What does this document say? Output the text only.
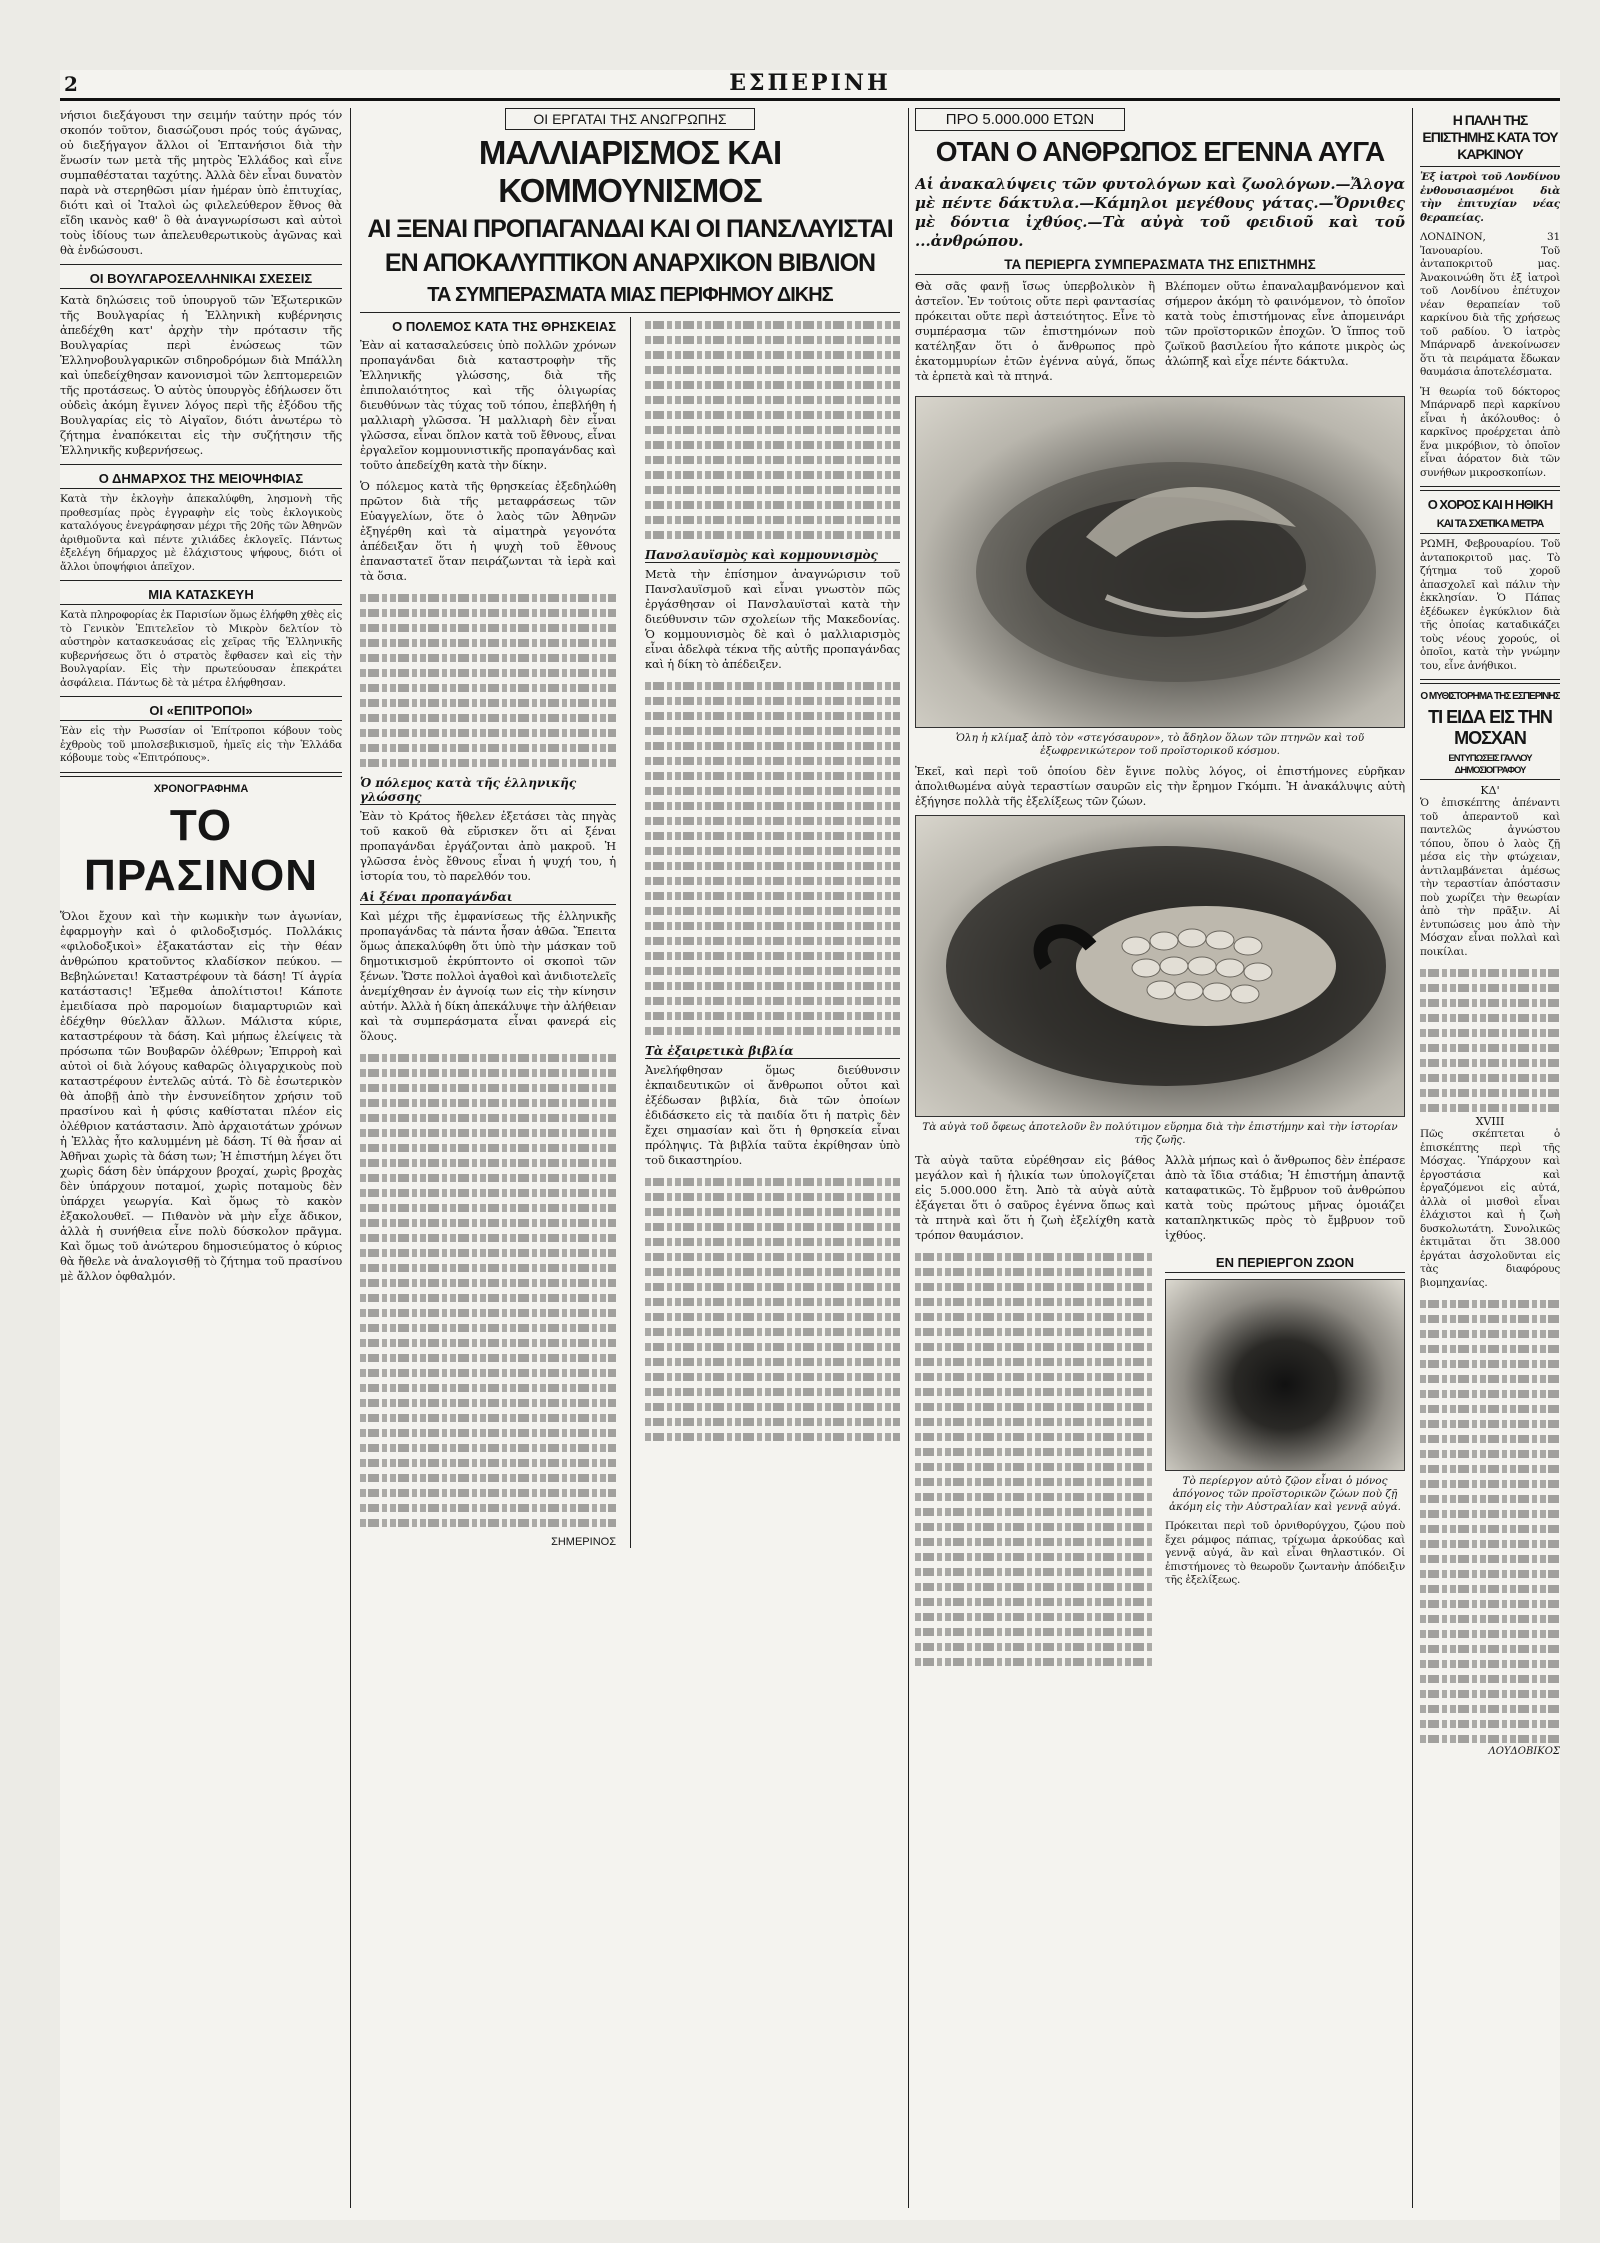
2	ΕΣΠΕΡΙΝΗ

νήσιοι διεξάγουσι την σειμήν ταύτην πρός τόν σκοπόν τοῦτον, διασώζουσι πρός τούς άγῶνας, οὐ διεξήγαγον ἄλλοι οἱ Ἑπτανήσιοι διὰ τὴν ἕνωσίν των μετὰ τῆς μητρὸς Ἑλλάδος καὶ εἶνε συμπαθέσταται ταχύτης. Ἀλλὰ δὲν εἶναι δυνατὸν παρὰ νὰ στερηθῶσι μίαν ἡμέραν ὑπὸ ἐπιτυχίας, διότι καὶ οἱ Ἰταλοὶ ὡς φιλελεύθερον ἔθνος θὰ εἴδη ικανὸς καθ' ὃ θὰ ἀναγνωρίσωσι καὶ αὐτοὶ τοὺς ἰδίους των ἀπελευθερωτικοὺς ἀγῶνας καὶ θὰ ἐνδώσουσι.

ΟΙ ΒΟΥΛΓΑΡΟΣΕΛΛΗΝΙΚΑΙ ΣΧΕΣΕΙΣ

Κατὰ δηλώσεις τοῦ ὑπουργοῦ τῶν Ἐξωτερικῶν τῆς Βουλγαρίας ἡ Ἑλληνικὴ κυβέρνησις ἀπεδέχθη κατ' ἀρχὴν τὴν πρότασιν τῆς Βουλγαρίας περὶ ἐνώσεως τῶν Ἑλληνοβουλγαρικῶν σιδηροδρόμων διὰ Μπάλλη καὶ ὑπεδείχθησαν κανονισμοὶ τῶν λεπτομερειῶν τῆς προτάσεως. Ὁ αὐτὸς ὑπουργὸς ἐδήλωσεν ὅτι οὐδεὶς ἀκόμη ἔγινεν λόγος περὶ τῆς ἐξόδου τῆς Βουλγαρίας εἰς τὸ Αἰγαῖον, διότι ἀνωτέρω τὸ ζήτημα ἐναπόκειται εἰς τὴν συζήτησιν τῆς Ἑλληνικῆς κυβερνήσεως.

Ο ΔΗΜΑΡΧΟΣ ΤΗΣ ΜΕΙΟΨΗΦΙΑΣ

Κατὰ τὴν ἐκλογὴν ἀπεκαλύφθη, λησμονὴ τῆς προθεσμίας πρὸς ἐγγραφὴν εἰς τοὺς ἐκλογικοὺς καταλόγους ἐνεγράφησαν μέχρι τῆς 20ῆς τῶν Ἀθηνῶν ἀριθμοῦντα καὶ πέντε χιλιάδες ἐκλογεῖς. Πάντως ἐξελέγη δήμαρχος μὲ ἐλάχιστους ψήφους, διότι οἱ ἄλλοι ὑποψήφιοι ἀπεῖχον.

ΜΙΑ ΚΑΤΑΣΚΕΥΗ

Κατὰ πληροφορίας ἐκ Παρισίων ὅμως ἐλήφθη χθὲς εἰς τὸ Γενικὸν Ἐπιτελεῖον τὸ Μικρὸν δελτίον τὸ αὐστηρὸν κατασκευάσας εἰς χεῖρας τῆς Ἑλληνικῆς κυβερνήσεως ὅτι ὁ στρατὸς ἔφθασεν καὶ εἰς τὴν Βουλγαρίαν. Εἰς τὴν πρωτεύουσαν ἐπεκράτει ἀσφάλεια. Πάντως δὲ τὰ μέτρα ἐλήφθησαν.

ΟΙ «ΕΠΙΤΡΟΠΟΙ»

Ἐὰν εἰς τὴν Ρωσσίαν οἱ Ἐπίτροποι κόβουν τοὺς ἐχθροὺς τοῦ μπολσεβικισμοῦ, ἡμεῖς εἰς τὴν Ἑλλάδα κόβουμε τοὺς «Ἐπιτρόπους».

ΧΡΟΝΟΓΡΑΦΗΜΑ
ΤΟ ΠΡΑΣΙΝΟΝ

Ὅλοι ἔχουν καὶ τὴν κωμικὴν των ἀγωνίαν, ἐφαρμογὴν καὶ ὁ φιλοδοξισμός. Πολλάκις «φιλοδοξικοὶ» ἐξακατάσταν εἰς τὴν θέαν ἀνθρώπου κρατοῦντος κλαδίσκον πεύκου. — Βεβηλώνεται! Καταστρέφουν τὰ δάση! Τί ἀγρία κατάστασις! Ἐξμεθα ἀπολίτιστοι! Κάποτε ἐμειδίασα πρὸ παρομοίων διαμαρτυριῶν καὶ ἐδέχθην θύελλαν ἄλλων. Μάλιστα κύριε, καταστρέφουν τὰ δάση. Καὶ μήπως ἐλείψεις τὰ πρόσωπα τῶν Βουβαρῶν ὀλέθρων; Ἐπιρροὴ καὶ αὐτοὶ οἱ διὰ λόγους καθαρῶς ὀλιγαρχικοὺς ποὺ καταστρέφουν ἐντελῶς αὐτά. Τὸ δὲ ἐσωτερικὸν θὰ ἀποβῇ ἀπὸ τὴν ἐνσυνείδητον χρήσιν τοῦ πρασίνου καὶ ἡ φύσις καθίσταται πλέον εἰς ὀλέθριον κατάστασιν. Ἀπὸ ἀρχαιοτάτων χρόνων ἡ Ἑλλὰς ἦτο καλυμμένη μὲ δάση. Τί θὰ ἦσαν αἱ Ἀθῆναι χωρὶς τὰ δάση των; Ἡ ἐπιστήμη λέγει ὅτι χωρὶς δάση δὲν ὑπάρχουν βροχαί, χωρὶς βροχὰς δὲν ὑπάρχουν ποταμοί, χωρὶς ποταμοὺς δὲν ὑπάρχει γεωργία. Καὶ ὅμως τὸ κακὸν ἐξακολουθεῖ. — Πιθανὸν νὰ μὴν εἶχε ἄδικον, ἀλλὰ ἡ συνήθεια εἶνε πολὺ δύσκολον πρᾶγμα. Καὶ ὅμως τοῦ ἀνώτερου δημοσιεύματος ὁ κύριος θὰ ἤθελε νὰ ἀναλογισθῇ τὸ ζήτημα τοῦ πρασίνου μὲ ἄλλον ὀφθαλμόν.

ΟΙ ΕΡΓΑΤΑΙ ΤΗΣ ΑΝΩΓΡΩΠΗΣ
ΜΑΛΛΙΑΡΙΣΜΟΣ ΚΑΙ ΚΟΜΜΟΥΝΙΣΜΟΣ
ΑΙ ΞΕΝΑΙ ΠΡΟΠΑΓΑΝΔΑΙ ΚΑΙ ΟΙ ΠΑΝΣΛΑΥΙΣΤΑΙ
ΕΝ ΑΠΟΚΑΛΥΠΤΙΚΟΝ ΑΝΑΡΧΙΚΟΝ ΒΙΒΛΙΟΝ
ΤΑ ΣΥΜΠΕΡΑΣΜΑΤΑ ΜΙΑΣ ΠΕΡΙΦΗΜΟΥ ΔΙΚΗΣ
Ο ΠΟΛΕΜΟΣ ΚΑΤΑ ΤΗΣ ΘΡΗΣΚΕΙΑΣ

Ἐὰν αἱ κατασαλεύσεις ὑπὸ πολλῶν χρόνων προπαγάνδαι διὰ καταστροφὴν τῆς Ἑλληνικῆς γλώσσης, διὰ τῆς ἐπιπολαιότητος καὶ τῆς ὁλιγωρίας διευθύνων τὰς τύχας τοῦ τόπου, ἐπεβλήθη ἡ μαλλιαρὴ γλῶσσα. Ἡ μαλλιαρὴ δὲν εἶναι γλῶσσα, εἶναι ὅπλον κατὰ τοῦ ἔθνους, εἶναι ἐργαλεῖον κομμουνιστικῆς προπαγάνδας καὶ τοῦτο ἀπεδείχθη κατὰ τὴν δίκην.

Ὁ πόλεμος κατὰ τῆς θρησκείας ἐξεδηλώθη πρῶτον διὰ τῆς μεταφράσεως τῶν Εὐαγγελίων, ὅτε ὁ λαὸς τῶν Ἀθηνῶν ἐξηγέρθη καὶ τὰ αἱματηρὰ γεγονότα ἀπέδειξαν ὅτι ἡ ψυχὴ τοῦ ἔθνους ἐπαναστατεῖ ὅταν πειράζωνται τὰ ἱερὰ καὶ τὰ ὅσια.

Ὁ πόλεμος κατὰ τῆς ἑλληνικῆς γλώσσης

Ἐὰν τὸ Κράτος ἤθελεν ἐξετάσει τὰς πηγὰς τοῦ κακοῦ θὰ εὕρισκεν ὅτι αἱ ξέναι προπαγάνδαι ἐργάζονται ἀπὸ μακροῦ. Ἡ γλῶσσα ἑνὸς ἔθνους εἶναι ἡ ψυχή του, ἡ ἱστορία του, τὸ παρελθόν του.

Αἱ ξέναι προπαγάνδαι

Καὶ μέχρι τῆς ἐμφανίσεως τῆς ἑλληνικῆς προπαγάνδας τὰ πάντα ἦσαν ἀθῶα. Ἔπειτα ὅμως ἀπεκαλύφθη ὅτι ὑπὸ τὴν μάσκαν τοῦ δημοτικισμοῦ ἐκρύπτοντο οἱ σκοποὶ τῶν ξένων. Ὥστε πολλοὶ ἀγαθοὶ καὶ ἀνιδιοτελεῖς ἀνεμίχθησαν ἐν ἀγνοίᾳ των εἰς τὴν κίνησιν αὐτήν. Ἀλλὰ ἡ δίκη ἀπεκάλυψε τὴν ἀλήθειαν καὶ τὰ συμπεράσματα εἶναι φανερά εἰς ὅλους.

ΣΗΜΕΡΙΝΟΣ
Πανσλαυϊσμὸς καὶ κομμουνισμὸς

Μετὰ τὴν ἐπίσημον ἀναγνώρισιν τοῦ Πανσλαυϊσμοῦ καὶ εἶναι γνωστὸν πῶς ἐργάσθησαν οἱ Πανσλαυϊσταὶ κατὰ τὴν διεύθυνσιν τῶν σχολείων τῆς Μακεδονίας. Ὁ κομμουνισμὸς δὲ καὶ ὁ μαλλιαρισμὸς εἶναι ἀδελφὰ τέκνα τῆς αὐτῆς προπαγάνδας καὶ ἡ δίκη τὸ ἀπέδειξεν.

Τὰ ἐξαιρετικὰ βιβλία

Ἀνελήφθησαν ὅμως διεύθυνσιν ἐκπαιδευτικῶν οἱ ἄνθρωποι οὗτοι καὶ ἐξέδωσαν βιβλία, διὰ τῶν ὁποίων ἐδιδάσκετο εἰς τὰ παιδία ὅτι ἡ πατρὶς δὲν ἔχει σημασίαν καὶ ὅτι ἡ θρησκεία εἶναι πρόληψις. Τὰ βιβλία ταῦτα ἐκρίθησαν ὑπὸ τοῦ δικαστηρίου.

ΠΡΟ 5.000.000 ΕΤΩΝ
ΟΤΑΝ Ο ΑΝΘΡΩΠΟΣ ΕΓΕΝΝΑ ΑΥΓΑ

Αἱ ἀνακαλύψεις τῶν φυτολόγων καὶ ζωολόγων.—Ἄλογα μὲ πέντε δάκτυλα.—Κάμηλοι μεγέθους γάτας.—Ὄρνιθες μὲ δόντια ἰχθύος.—Τὰ αὐγὰ τοῦ φειδιοῦ καὶ τοῦ ...ἀνθρώπου.

ΤΑ ΠΕΡΙΕΡΓΑ ΣΥΜΠΕΡΑΣΜΑΤΑ ΤΗΣ ΕΠΙΣΤΗΜΗΣ

Θὰ σᾶς φανῇ ἴσως ὑπερβολικὸν ἢ ἀστεῖον. Ἐν τούτοις οὔτε περὶ φαντασίας πρόκειται οὔτε περὶ ἀστειότητος. Εἶνε τὸ συμπέρασμα τῶν ἐπιστημόνων ποὺ κατέληξαν ὅτι ὁ ἄνθρωπος πρὸ ἑκατομμυρίων ἐτῶν ἐγέννα αὐγά, ὅπως τὰ ἑρπετὰ καὶ τὰ πτηνά.

Βλέπομεν οὕτω ἐπαναλαμβανόμενον καὶ σήμερον ἀκόμη τὸ φαινόμενον, τὸ ὁποῖον κατὰ τοὺς ἐπιστήμονας εἶνε ἀπομεινάρι τῶν προϊστορικῶν ἐποχῶν. Ὁ ἵππος τοῦ ζωϊκοῦ βασιλείου ἦτο κάποτε μικρὸς ὡς ἀλώπηξ καὶ εἶχε πέντε δάκτυλα.

Ὁλη ἡ κλίμαξ ἀπὸ τὸν «στεγόσαυρον», τὸ ἄδηλον ὅλων τῶν πτηνῶν καὶ τοῦ ἐξωφρενικώτερον τοῦ προϊστορικοῦ κόσμου.

Ἐκεῖ, καὶ περὶ τοῦ ὁποίου δὲν ἔγινε πολὺς λόγος, οἱ ἐπιστήμονες εὑρῆκαν ἀπολιθωμένα αὐγὰ τεραστίων σαυρῶν εἰς τὴν ἔρημον Γκόμπι. Ἡ ἀνακάλυψις αὐτὴ ἐξήγησε πολλὰ τῆς ἐξελίξεως τῶν ζώων.

Τὰ αὐγὰ τοῦ ὄφεως ἀποτελοῦν ἓν πολύτιμον εὕρημα διὰ τὴν ἐπιστήμην καὶ τὴν ἱστορίαν τῆς ζωῆς.

Τὰ αὐγὰ ταῦτα εὑρέθησαν εἰς βάθος μεγάλον καὶ ἡ ἡλικία των ὑπολογίζεται εἰς 5.000.000 ἔτη. Ἀπὸ τὰ αὐγὰ αὐτὰ ἐξάγεται ὅτι ὁ σαῦρος ἐγέννα ὅπως καὶ τὰ πτηνὰ καὶ ὅτι ἡ ζωὴ ἐξελίχθη κατὰ τρόπον θαυμάσιον.

Ἀλλὰ μήπως καὶ ὁ ἄνθρωπος δὲν ἐπέρασε ἀπὸ τὰ ἴδια στάδια; Ἡ ἐπιστήμη ἀπαντᾷ καταφατικῶς. Τὸ ἔμβρυον τοῦ ἀνθρώπου κατὰ τοὺς πρώτους μῆνας ὁμοιάζει καταπληκτικῶς πρὸς τὸ ἔμβρυον τοῦ ἰχθύος.

ΕΝ ΠΕΡΙΕΡΓΟΝ ΖΩΟΝ
Τὸ περίεργον αὐτὸ ζῷον εἶναι ὁ μόνος ἀπόγονος τῶν προϊστορικῶν ζώων ποὺ ζῇ ἀκόμη εἰς τὴν Αὐστραλίαν καὶ γεννᾷ αὐγά.

Πρόκειται περὶ τοῦ ὀρνιθορύγχου, ζῴου ποὺ ἔχει ράμφος πάπιας, τρίχωμα ἀρκούδας καὶ γεννᾷ αὐγά, ἂν καὶ εἶναι θηλαστικόν. Οἱ ἐπιστήμονες τὸ θεωροῦν ζωντανὴν ἀπόδειξιν τῆς ἐξελίξεως.

Η ΠΑΛΗ ΤΗΣ ΕΠΙΣΤΗΜΗΣ ΚΑΤΑ ΤΟΥ ΚΑΡΚΙΝΟΥ

Ἐξ ἰατροὶ τοῦ Λονδίνου ἐνθουσιασμένοι διὰ τὴν ἐπιτυχίαν νέας θεραπείας.

ΛΟΝΔΙΝΟΝ, 31 Ἰανουαρίου. Τοῦ ἀνταποκριτοῦ μας. Ἀνακοινώθη ὅτι ἐξ ἰατροὶ τοῦ Λονδίνου ἐπέτυχον νέαν θεραπείαν τοῦ καρκίνου διὰ τῆς χρήσεως τοῦ ραδίου. Ὁ ἰατρὸς Μπάρναρδ ἀνεκοίνωσεν ὅτι τὰ πειράματα ἔδωκαν θαυμάσια ἀποτελέσματα.

Ἡ θεωρία τοῦ δόκτορος Μπάρναρδ περὶ καρκίνου εἶναι ἡ ἀκόλουθος: ὁ καρκῖνος προέρχεται ἀπὸ ἕνα μικρόβιον, τὸ ὁποῖον εἶναι ἀόρατον διὰ τῶν συνήθων μικροσκοπίων.

Ο ΧΟΡΟΣ ΚΑΙ Η ΗΘΙΚΗ
ΚΑΙ ΤΑ ΣΧΕΤΙΚΑ ΜΕΤΡΑ

ΡΩΜΗ, Φεβρουαρίου. Τοῦ ἀνταποκριτοῦ μας. Τὸ ζήτημα τοῦ χοροῦ ἀπασχολεῖ καὶ πάλιν τὴν ἐκκλησίαν. Ὁ Πάπας ἐξέδωκεν ἐγκύκλιον διὰ τῆς ὁποίας καταδικάζει τοὺς νέους χορούς, οἱ ὁποῖοι, κατὰ τὴν γνώμην του, εἶνε ἀνήθικοι.

Ο ΜΥΘΙΣΤΟΡΗΜΑ ΤΗΣ ΕΣΠΕΡΙΝΗΣ
ΤΙ ΕΙΔΑ ΕΙΣ ΤΗΝ ΜΟΣΧΑΝ
ΕΝΤΥΠΩΣΕΙΣ ΓΑΛΛΟΥ ΔΗΜΟΣΙΟΓΡΑΦΟΥ
ΚΔ'

Ὁ ἐπισκέπτης ἀπέναντι τοῦ ἀπεραντοῦ καὶ παντελῶς ἀγνώστου τόπου, ὅπου ὁ λαὸς ζῇ μέσα εἰς τὴν φτώχειαν, ἀντιλαμβάνεται ἀμέσως τὴν τεραστίαν ἀπόστασιν ποὺ χωρίζει τὴν θεωρίαν ἀπὸ τὴν πρᾶξιν. Αἱ ἐντυπώσεις μου ἀπὸ τὴν Μόσχαν εἶναι πολλαὶ καὶ ποικίλαι.

XVIII

Πῶς σκέπτεται ὁ ἐπισκέπτης περὶ τῆς Μόσχας. Ὑπάρχουν καὶ ἐργοστάσια καὶ ἐργαζόμενοι εἰς αὐτά, ἀλλὰ οἱ μισθοὶ εἶναι ἐλάχιστοι καὶ ἡ ζωὴ δυσκολωτάτη. Συνολικῶς ἐκτιμᾶται ὅτι 38.000 ἐργάται ἀσχολοῦνται εἰς τὰς διαφόρους βιομηχανίας.

ΛΟΥΔΟΒΙΚΟΣ
